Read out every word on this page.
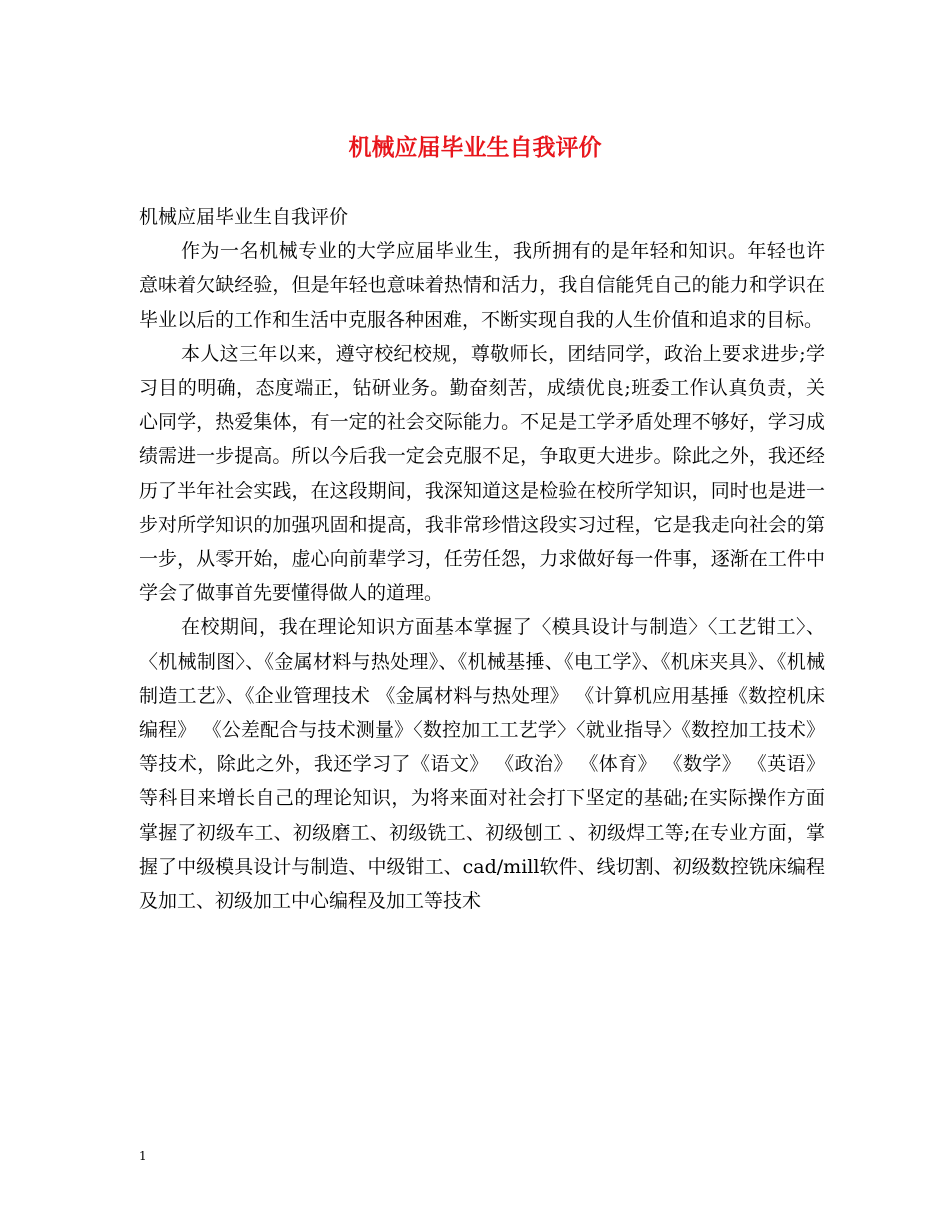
机械应届毕业生自我评价

机械应届毕业生自我评价

作为一名机械专业的大学应届毕业生，我所拥有的是年轻和知识。年轻也许意味着欠缺经验，但是年轻也意味着热情和活力，我自信能凭自己的能力和学识在毕业以后的工作和生活中克服各种困难，不断实现自我的人生价值和追求的目标。

本人这三年以来，遵守校纪校规，尊敬师长，团结同学，政治上要求进步;学习目的明确，态度端正，钻研业务。勤奋刻苦，成绩优良;班委工作认真负责，关心同学，热爱集体，有一定的社会交际能力。不足是工学矛盾处理不够好，学习成绩需进一步提高。所以今后我一定会克服不足，争取更大进步。除此之外，我还经历了半年社会实践，在这段期间，我深知道这是检验在校所学知识，同时也是进一步对所学知识的加强巩固和提高，我非常珍惜这段实习过程，它是我走向社会的第一步，从零开始，虚心向前辈学习，任劳任怨，力求做好每一件事，逐渐在工件中学会了做事首先要懂得做人的道理。

在校期间，我在理论知识方面基本掌握了〈模具设计与制造〉〈工艺钳工〉、〈机械制图〉、《金属材料与热处理》、《机械基捶、《电工学》、《机床夹具》、《机械制造工艺》、《企业管理技术 《金属材料与热处理》 《计算机应用基捶《数控机床编程》 《公差配合与技术测量》〈数控加工工艺学〉〈就业指导〉《数控加工技术》等技术，除此之外，我还学习了《语文》 《政治》 《体育》 《数学》 《英语》等科目来增长自己的理论知识，为将来面对社会打下坚定的基础;在实际操作方面掌握了初级车工、初级磨工、初级铣工、初级刨工 、初级焊工等;在专业方面，掌握了中级模具设计与制造、中级钳工、cad/mill软件、线切割、初级数控铣床编程及加工、初级加工中心编程及加工等技术

1
